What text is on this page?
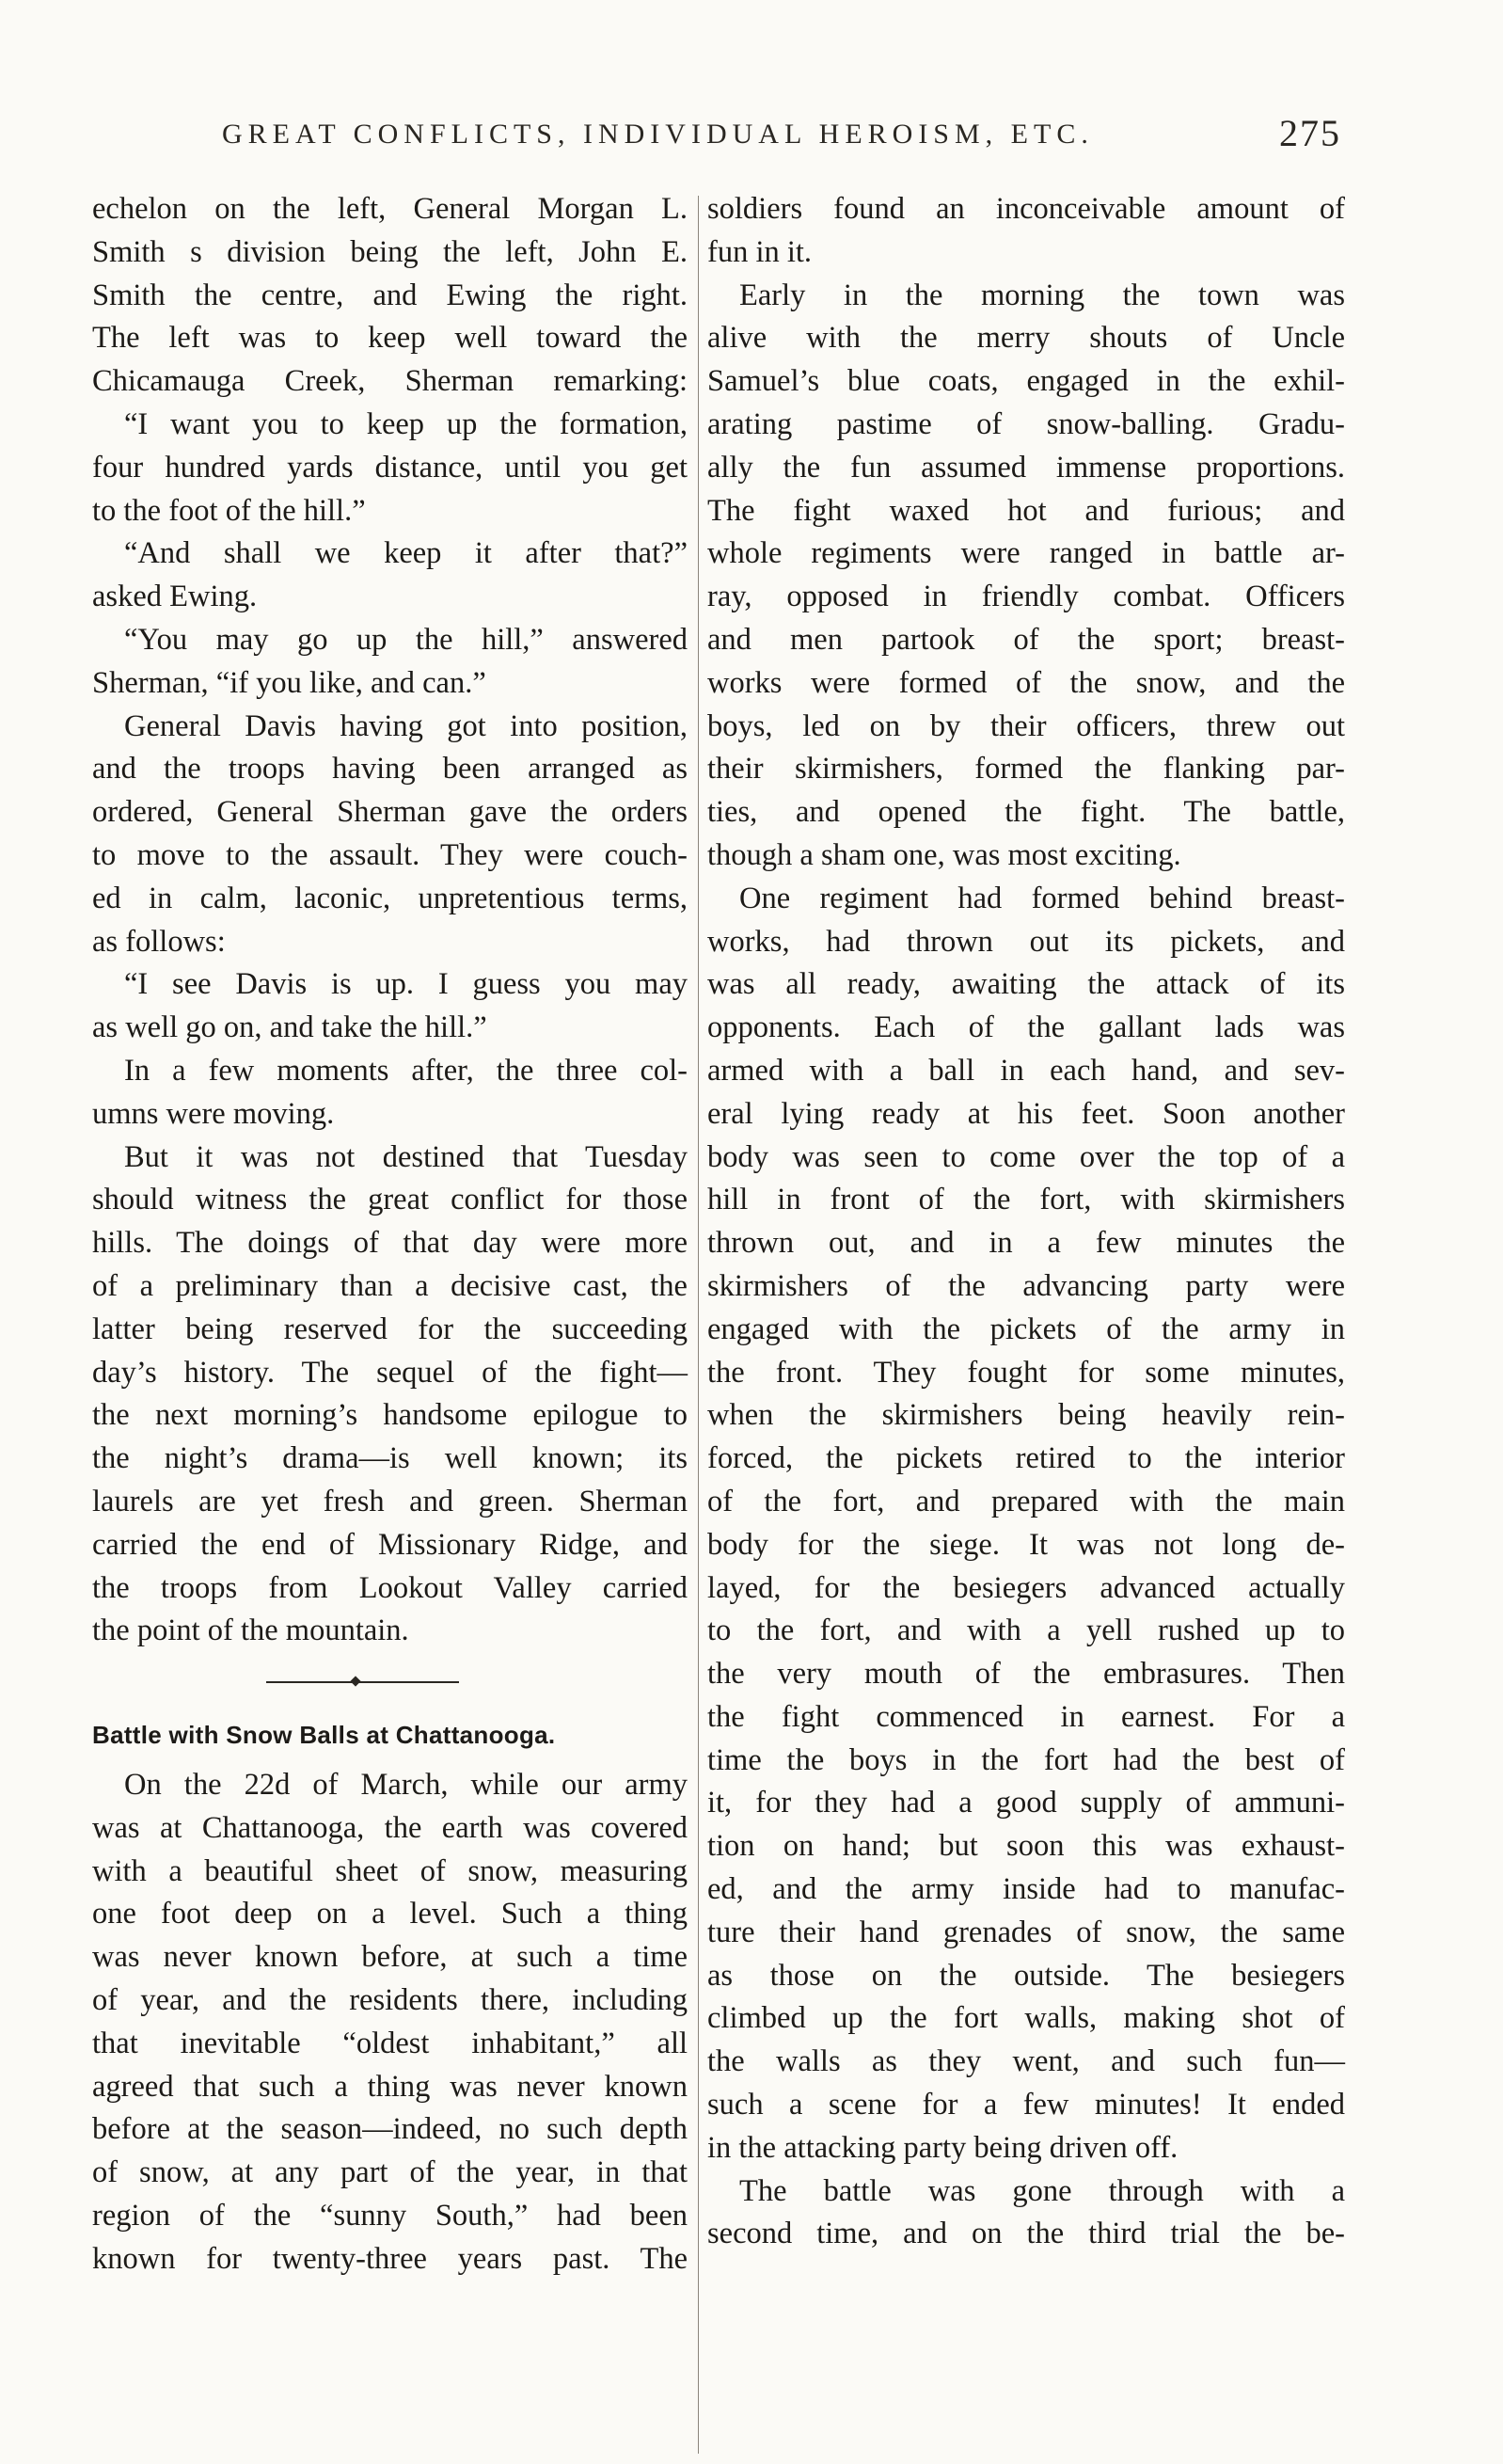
GREAT CONFLICTS, INDIVIDUAL HEROISM, ETC.	275
echelon on the left, General Morgan L.
Smith s division being the left, John E.
Smith the centre, and Ewing the right.
The left was to keep well toward the
Chicamauga Creek, Sherman remarking:
“I want you to keep up the formation,
four hundred yards distance, until you get
to the foot of the hill.”
“And shall we keep it after that?”
asked Ewing.
“You may go up the hill,” answered
Sherman, “if you like, and can.”
General Davis having got into position,
and the troops having been arranged as
ordered, General Sherman gave the orders
to move to the assault. They were couch-
ed in calm, laconic, unpretentious terms,
as follows:
“I see Davis is up. I guess you may
as well go on, and take the hill.”
In a few moments after, the three col-
umns were moving.
But it was not destined that Tuesday
should witness the great conflict for those
hills. The doings of that day were more
of a preliminary than a decisive cast, the
latter being reserved for the succeeding
day’s history. The sequel of the fight—
the next morning’s handsome epilogue to
the night’s drama—is well known; its
laurels are yet fresh and green. Sherman
carried the end of Missionary Ridge, and
the troops from Lookout Valley carried
the point of the mountain.
Battle with Snow Balls at Chattanooga.
On the 22d of March, while our army
was at Chattanooga, the earth was covered
with a beautiful sheet of snow, measuring
one foot deep on a level. Such a thing
was never known before, at such a time
of year, and the residents there, including
that inevitable “oldest inhabitant,” all
agreed that such a thing was never known
before at the season—indeed, no such depth
of snow, at any part of the year, in that
region of the “sunny South,” had been
known for twenty-three years past. The
soldiers found an inconceivable amount of
fun in it.
Early in the morning the town was
alive with the merry shouts of Uncle
Samuel’s blue coats, engaged in the exhil-
arating pastime of snow-balling. Gradu-
ally the fun assumed immense proportions.
The fight waxed hot and furious; and
whole regiments were ranged in battle ar-
ray, opposed in friendly combat. Officers
and men partook of the sport; breast-
works were formed of the snow, and the
boys, led on by their officers, threw out
their skirmishers, formed the flanking par-
ties, and opened the fight. The battle,
though a sham one, was most exciting.
One regiment had formed behind breast-
works, had thrown out its pickets, and
was all ready, awaiting the attack of its
opponents. Each of the gallant lads was
armed with a ball in each hand, and sev-
eral lying ready at his feet. Soon another
body was seen to come over the top of a
hill in front of the fort, with skirmishers
thrown out, and in a few minutes the
skirmishers of the advancing party were
engaged with the pickets of the army in
the front. They fought for some minutes,
when the skirmishers being heavily rein-
forced, the pickets retired to the interior
of the fort, and prepared with the main
body for the siege. It was not long de-
layed, for the besiegers advanced actually
to the fort, and with a yell rushed up to
the very mouth of the embrasures. Then
the fight commenced in earnest. For a
time the boys in the fort had the best of
it, for they had a good supply of ammuni-
tion on hand; but soon this was exhaust-
ed, and the army inside had to manufac-
ture their hand grenades of snow, the same
as those on the outside. The besiegers
climbed up the fort walls, making shot of
the walls as they went, and such fun—
such a scene for a few minutes! It ended
in the attacking party being driven off.
The battle was gone through with a
second time, and on the third trial the be-
